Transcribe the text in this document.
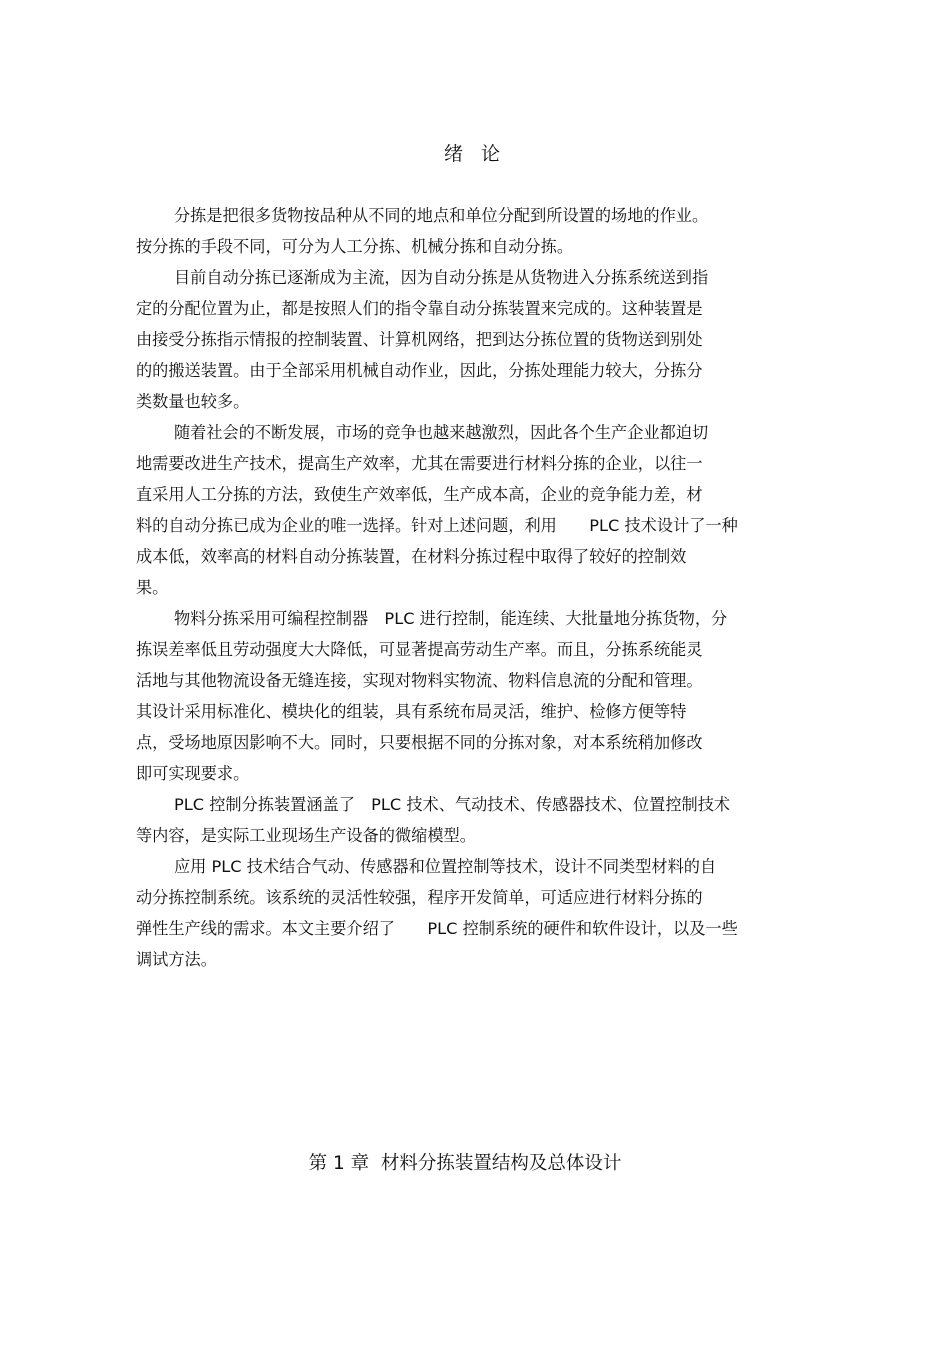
绪 论
分拣是把很多货物按品种从不同的地点和单位分配到所设置的场地的作业。
按分拣的手段不同，可分为人工分拣、机械分拣和自动分拣。
目前自动分拣已逐渐成为主流，因为自动分拣是从货物进入分拣系统送到指
定的分配位置为止，都是按照人们的指令靠自动分拣装置来完成的。这种装置是
由接受分拣指示情报的控制装置、计算机网络，把到达分拣位置的货物送到别处
的的搬送装置。由于全部采用机械自动作业，因此，分拣处理能力较大，分拣分
类数量也较多。
随着社会的不断发展，市场的竞争也越来越激烈，因此各个生产企业都迫切
地需要改进生产技术，提高生产效率，尤其在需要进行材料分拣的企业，以往一
直采用人工分拣的方法，致使生产效率低，生产成本高，企业的竞争能力差，材
料的自动分拣已成为企业的唯一选择。针对上述问题，利用　　PLC 技术设计了一种
成本低，效率高的材料自动分拣装置，在材料分拣过程中取得了较好的控制效
果。
物料分拣采用可编程控制器　PLC 进行控制，能连续、大批量地分拣货物，分
拣误差率低且劳动强度大大降低，可显著提高劳动生产率。而且，分拣系统能灵
活地与其他物流设备无缝连接，实现对物料实物流、物料信息流的分配和管理。
其设计采用标准化、模块化的组装，具有系统布局灵活，维护、检修方便等特
点，受场地原因影响不大。同时，只要根据不同的分拣对象，对本系统稍加修改
即可实现要求。
PLC 控制分拣装置涵盖了　PLC 技术、气动技术、传感器技术、位置控制技术
等内容，是实际工业现场生产设备的微缩模型。
应用 PLC 技术结合气动、传感器和位置控制等技术，设计不同类型材料的自
动分拣控制系统。该系统的灵活性较强，程序开发简单，可适应进行材料分拣的
弹性生产线的需求。本文主要介绍了　　PLC 控制系统的硬件和软件设计，以及一些
调试方法。
第 1 章  材料分拣装置结构及总体设计
